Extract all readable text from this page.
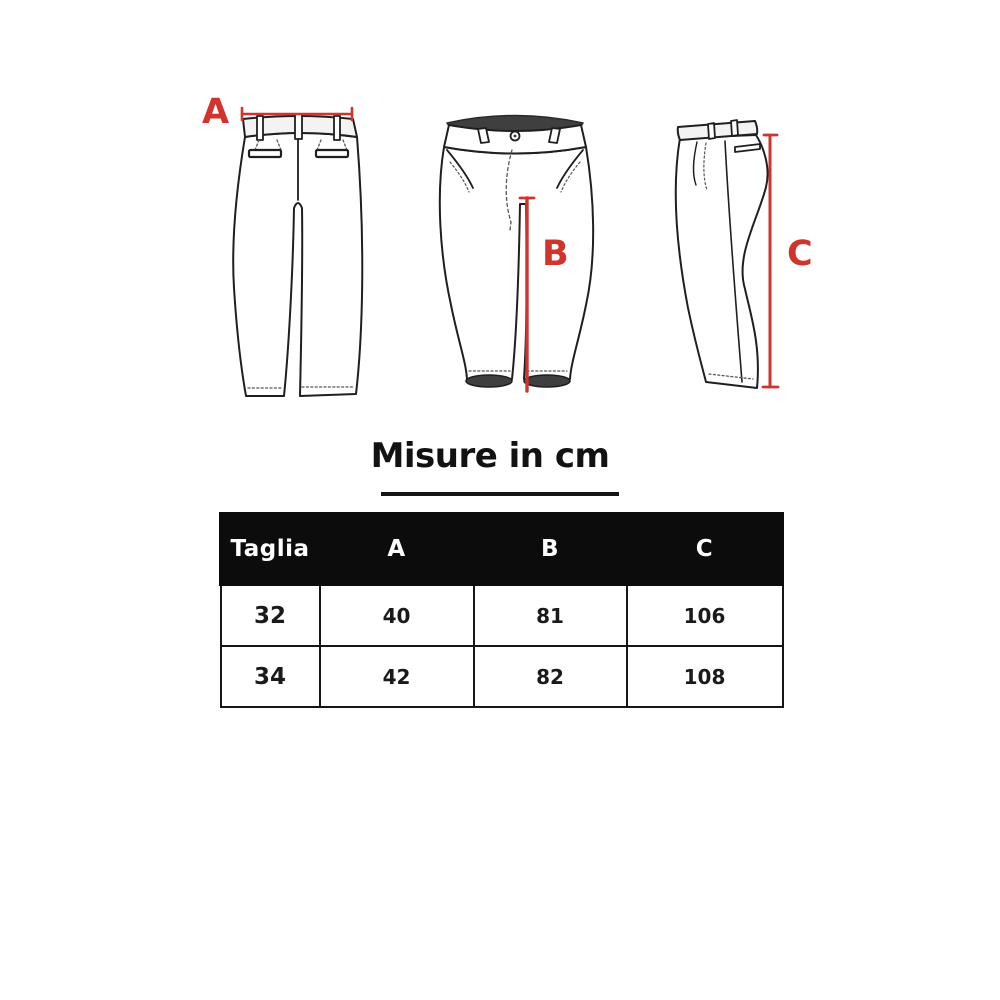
A
B	C
Misure in cm
Taglia	A	B	C
32	40	81	106
34	42	82	108
